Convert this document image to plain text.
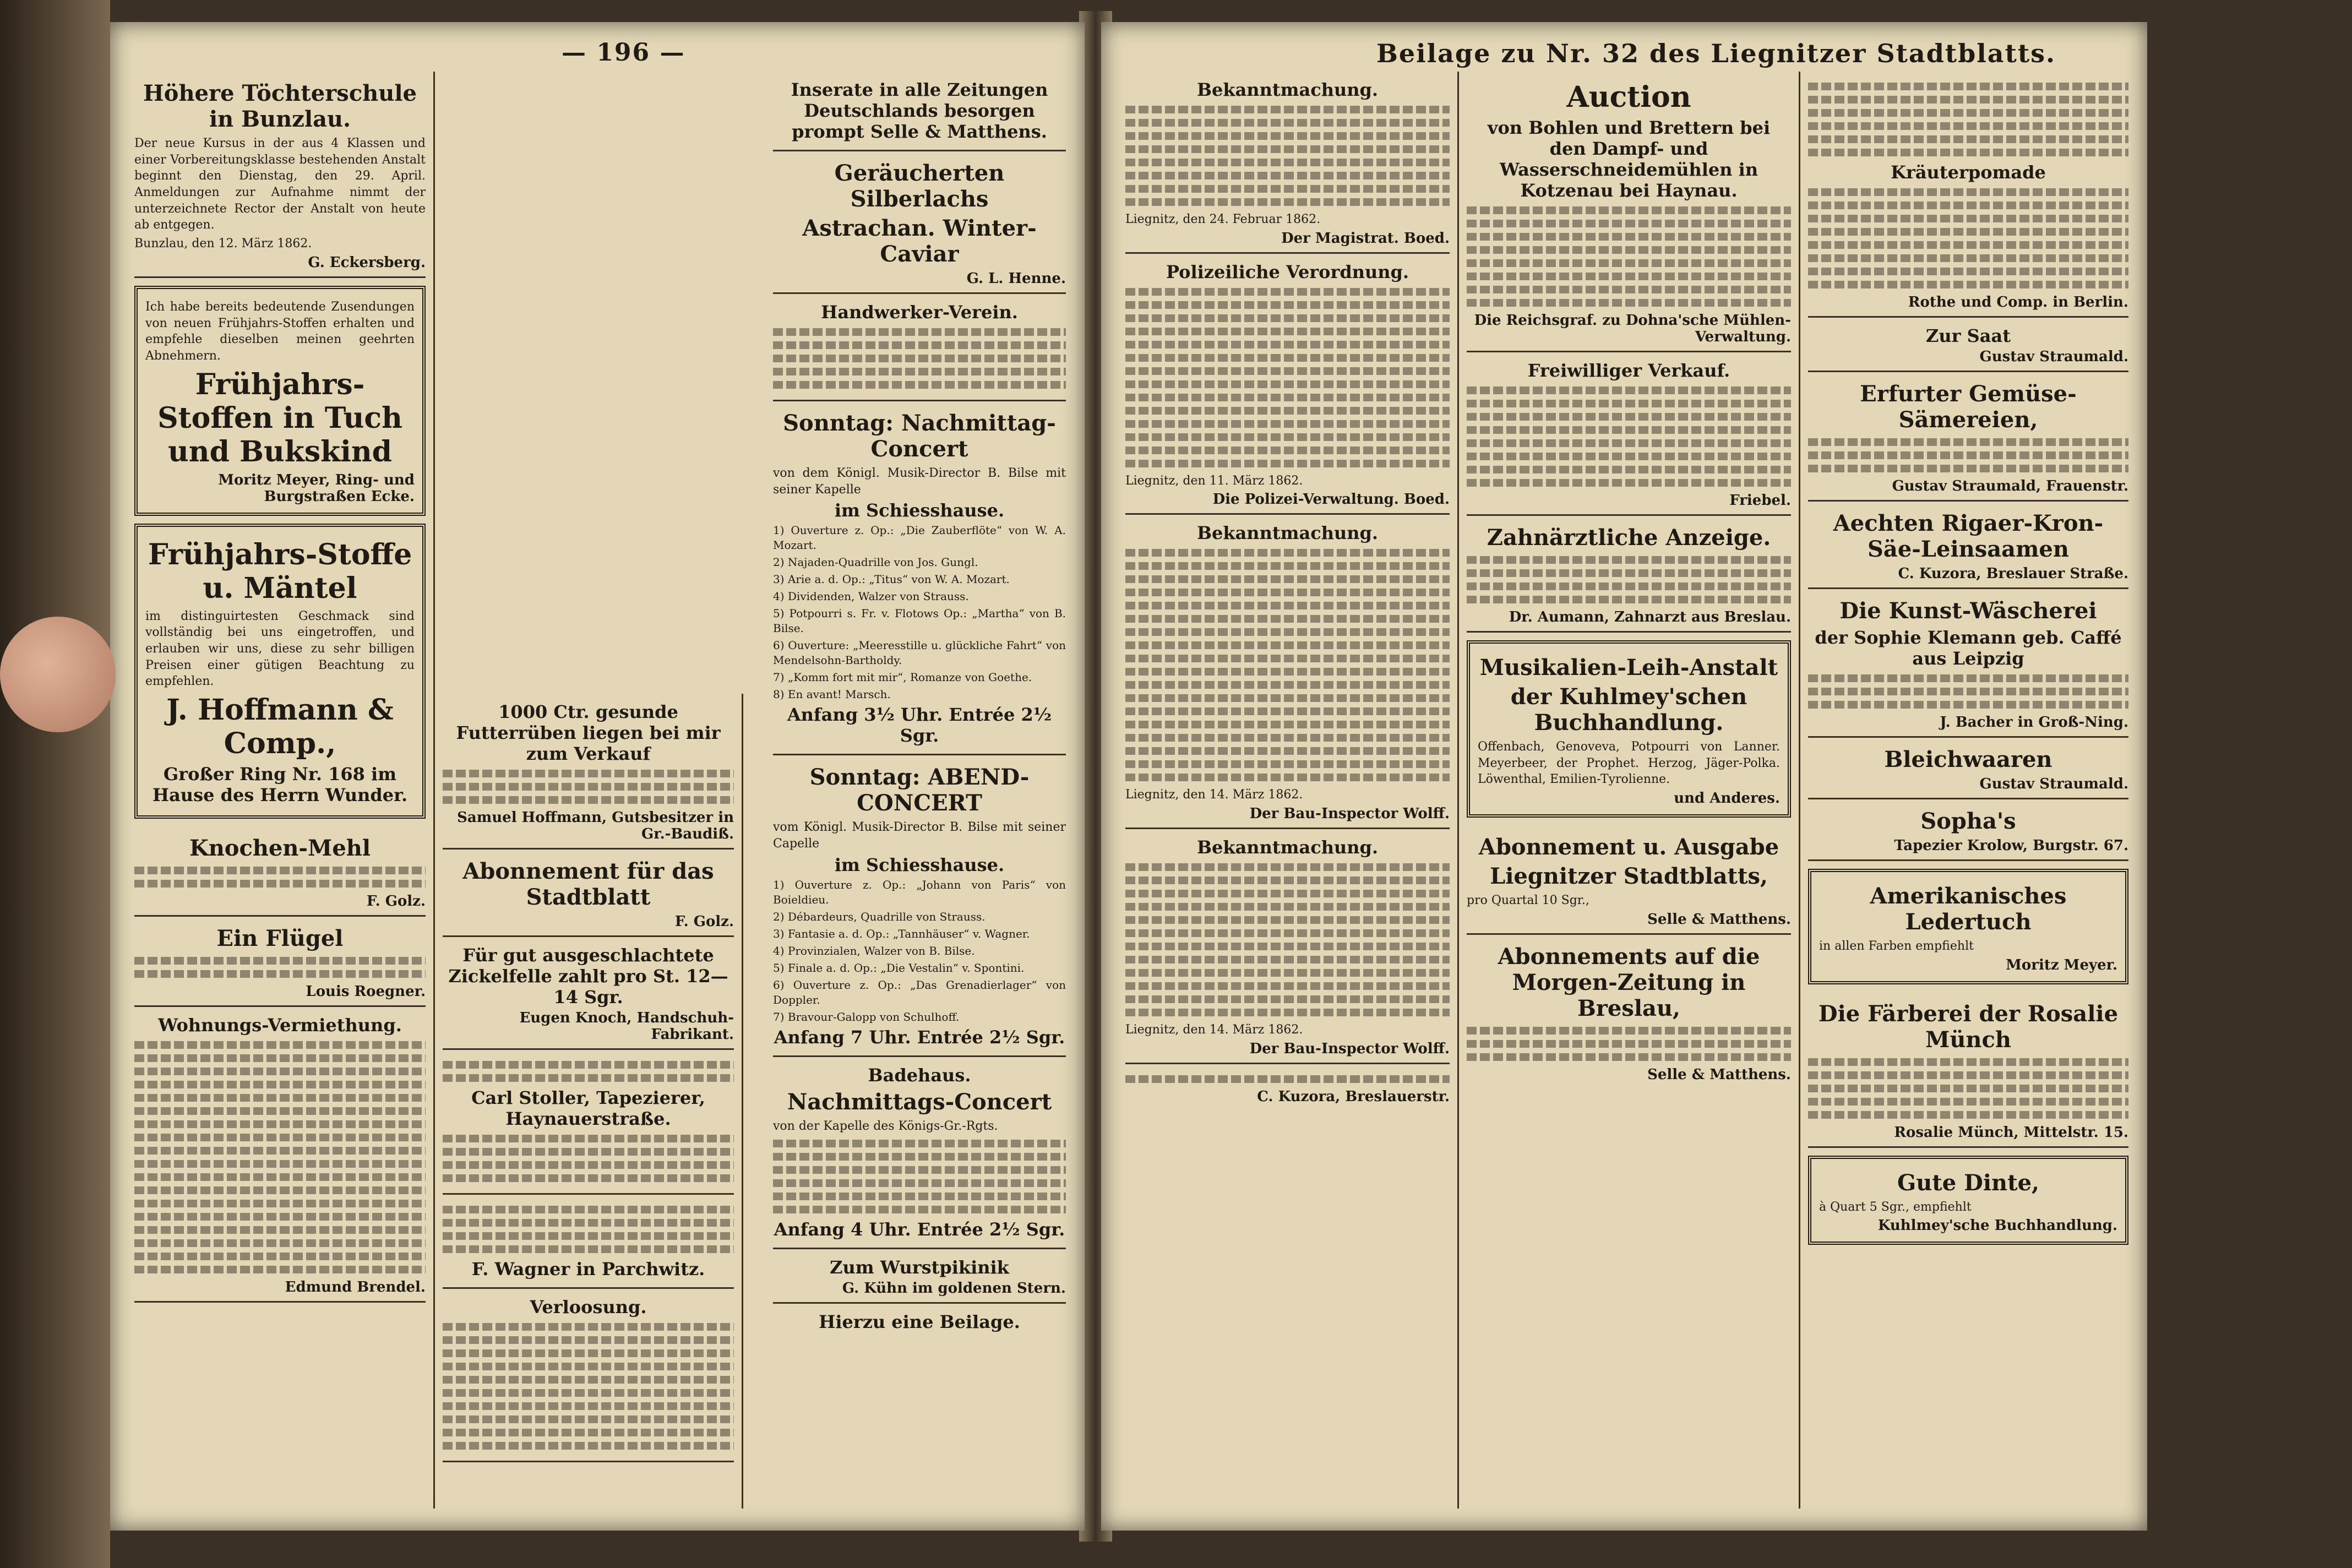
— 196 —
Höhere Töchterschule in Bunzlau.

Der neue Kursus in der aus 4 Klassen und einer Vorbereitungsklasse bestehenden Anstalt beginnt den Dienstag, den 29. April. Anmeldungen zur Aufnahme nimmt der unterzeichnete Rector der Anstalt von heute ab entgegen.

Bunzlau, den 12. März 1862.

G. Eckersberg.

Ich habe bereits bedeutende Zusendungen von neuen Frühjahrs-Stoffen erhalten und empfehle dieselben meinen geehrten Abnehmern.

Frühjahrs-Stoffen in Tuch und Bukskind
Moritz Meyer, Ring- und Burgstraßen Ecke.
Frühjahrs-Stoffe u. Mäntel

im distinguirtesten Geschmack sind vollständig bei uns eingetroffen, und erlauben wir uns, diese zu sehr billigen Preisen einer gütigen Beachtung zu empfehlen.

J. Hoffmann & Comp.,
Großer Ring Nr. 168 im Hause des Herrn Wunder.
Knochen-Mehl
F. Golz.
Ein Flügel
Louis Roegner.
Wohnungs-Vermiethung.
Edmund Brendel.
1000 Ctr. gesunde Futterrüben liegen bei mir zum Verkauf
Samuel Hoffmann, Gutsbesitzer in Gr.-Baudiß.
Abonnement für das Stadtblatt
F. Golz.
Für gut ausgeschlachtete Zickelfelle zahlt pro St. 12—14 Sgr.
Eugen Knoch, Handschuh-Fabrikant.
Carl Stoller, Tapezierer, Haynauerstraße.
F. Wagner in Parchwitz.
Verloosung.
Inserate in alle Zeitungen Deutschlands besorgen prompt Selle & Matthens.
Geräucherten Silberlachs
Astrachan. Winter-Caviar
G. L. Henne.
Handwerker-Verein.
Sonntag: Nachmittag-Concert

von dem Königl. Musik-Director B. Bilse mit seiner Kapelle

im Schiesshause.

1) Ouverture z. Op.: „Die Zauberflöte“ von W. A. Mozart.

2) Najaden-Quadrille von Jos. Gungl.

3) Arie a. d. Op.: „Titus“ von W. A. Mozart.

4) Dividenden, Walzer von Strauss.

5) Potpourri s. Fr. v. Flotows Op.: „Martha“ von B. Bilse.

6) Ouverture: „Meeresstille u. glückliche Fahrt“ von Mendelsohn-Bartholdy.

7) „Komm fort mit mir“, Romanze von Goethe.

8) En avant! Marsch.

Anfang 3½ Uhr. Entrée 2½ Sgr.
Sonntag: ABEND-CONCERT

vom Königl. Musik-Director B. Bilse mit seiner Capelle

im Schiesshause.

1) Ouverture z. Op.: „Johann von Paris“ von Boieldieu.

2) Débardeurs, Quadrille von Strauss.

3) Fantasie a. d. Op.: „Tannhäuser“ v. Wagner.

4) Provinzialen, Walzer von B. Bilse.

5) Finale a. d. Op.: „Die Vestalin“ v. Spontini.

6) Ouverture z. Op.: „Das Grenadierlager“ von Doppler.

7) Bravour-Galopp von Schulhoff.

Anfang 7 Uhr. Entrée 2½ Sgr.
Badehaus.
Nachmittags-Concert

von der Kapelle des Königs-Gr.-Rgts.

Anfang 4 Uhr. Entrée 2½ Sgr.
Zum Wurstpikinik
G. Kühn im goldenen Stern.
Hierzu eine Beilage.
Beilage zu Nr. 32 des Liegnitzer Stadtblatts.
Bekanntmachung.

Liegnitz, den 24. Februar 1862.

Der Magistrat. Boed.
Polizeiliche Verordnung.

Liegnitz, den 11. März 1862.

Die Polizei-Verwaltung. Boed.
Bekanntmachung.

Liegnitz, den 14. März 1862.

Der Bau-Inspector Wolff.
Bekanntmachung.

Liegnitz, den 14. März 1862.

Der Bau-Inspector Wolff.
C. Kuzora, Breslauerstr.
Auction
von Bohlen und Brettern bei den Dampf- und Wasserschneidemühlen in Kotzenau bei Haynau.
Die Reichsgraf. zu Dohna'sche Mühlen-Verwaltung.
Freiwilliger Verkauf.
Friebel.
Zahnärztliche Anzeige.
Dr. Aumann, Zahnarzt aus Breslau.
Musikalien-Leih-Anstalt
der Kuhlmey'schen Buchhandlung.

Offenbach, Genoveva, Potpourri von Lanner. Meyerbeer, der Prophet. Herzog, Jäger-Polka. Löwenthal, Emilien-Tyrolienne.

und Anderes.
Abonnement u. Ausgabe
Liegnitzer Stadtblatts,

pro Quartal 10 Sgr.,

Selle & Matthens.
Abonnements auf die Morgen-Zeitung in Breslau,
Selle & Matthens.
Kräuterpomade
Rothe und Comp. in Berlin.
Zur Saat
Gustav Straumald.
Erfurter Gemüse-Sämereien,
Gustav Straumald, Frauenstr.
Aechten Rigaer-Kron-Säe-Leinsaamen
C. Kuzora, Breslauer Straße.
Die Kunst-Wäscherei
der Sophie Klemann geb. Caffé aus Leipzig
J. Bacher in Groß-Ning.
Bleichwaaren
Gustav Straumald.
Sopha's
Tapezier Krolow, Burgstr. 67.
Amerikanisches Ledertuch

in allen Farben empfiehlt

Moritz Meyer.
Die Färberei der Rosalie Münch
Rosalie Münch, Mittelstr. 15.
Gute Dinte,

à Quart 5 Sgr., empfiehlt

Kuhlmey'sche Buchhandlung.
